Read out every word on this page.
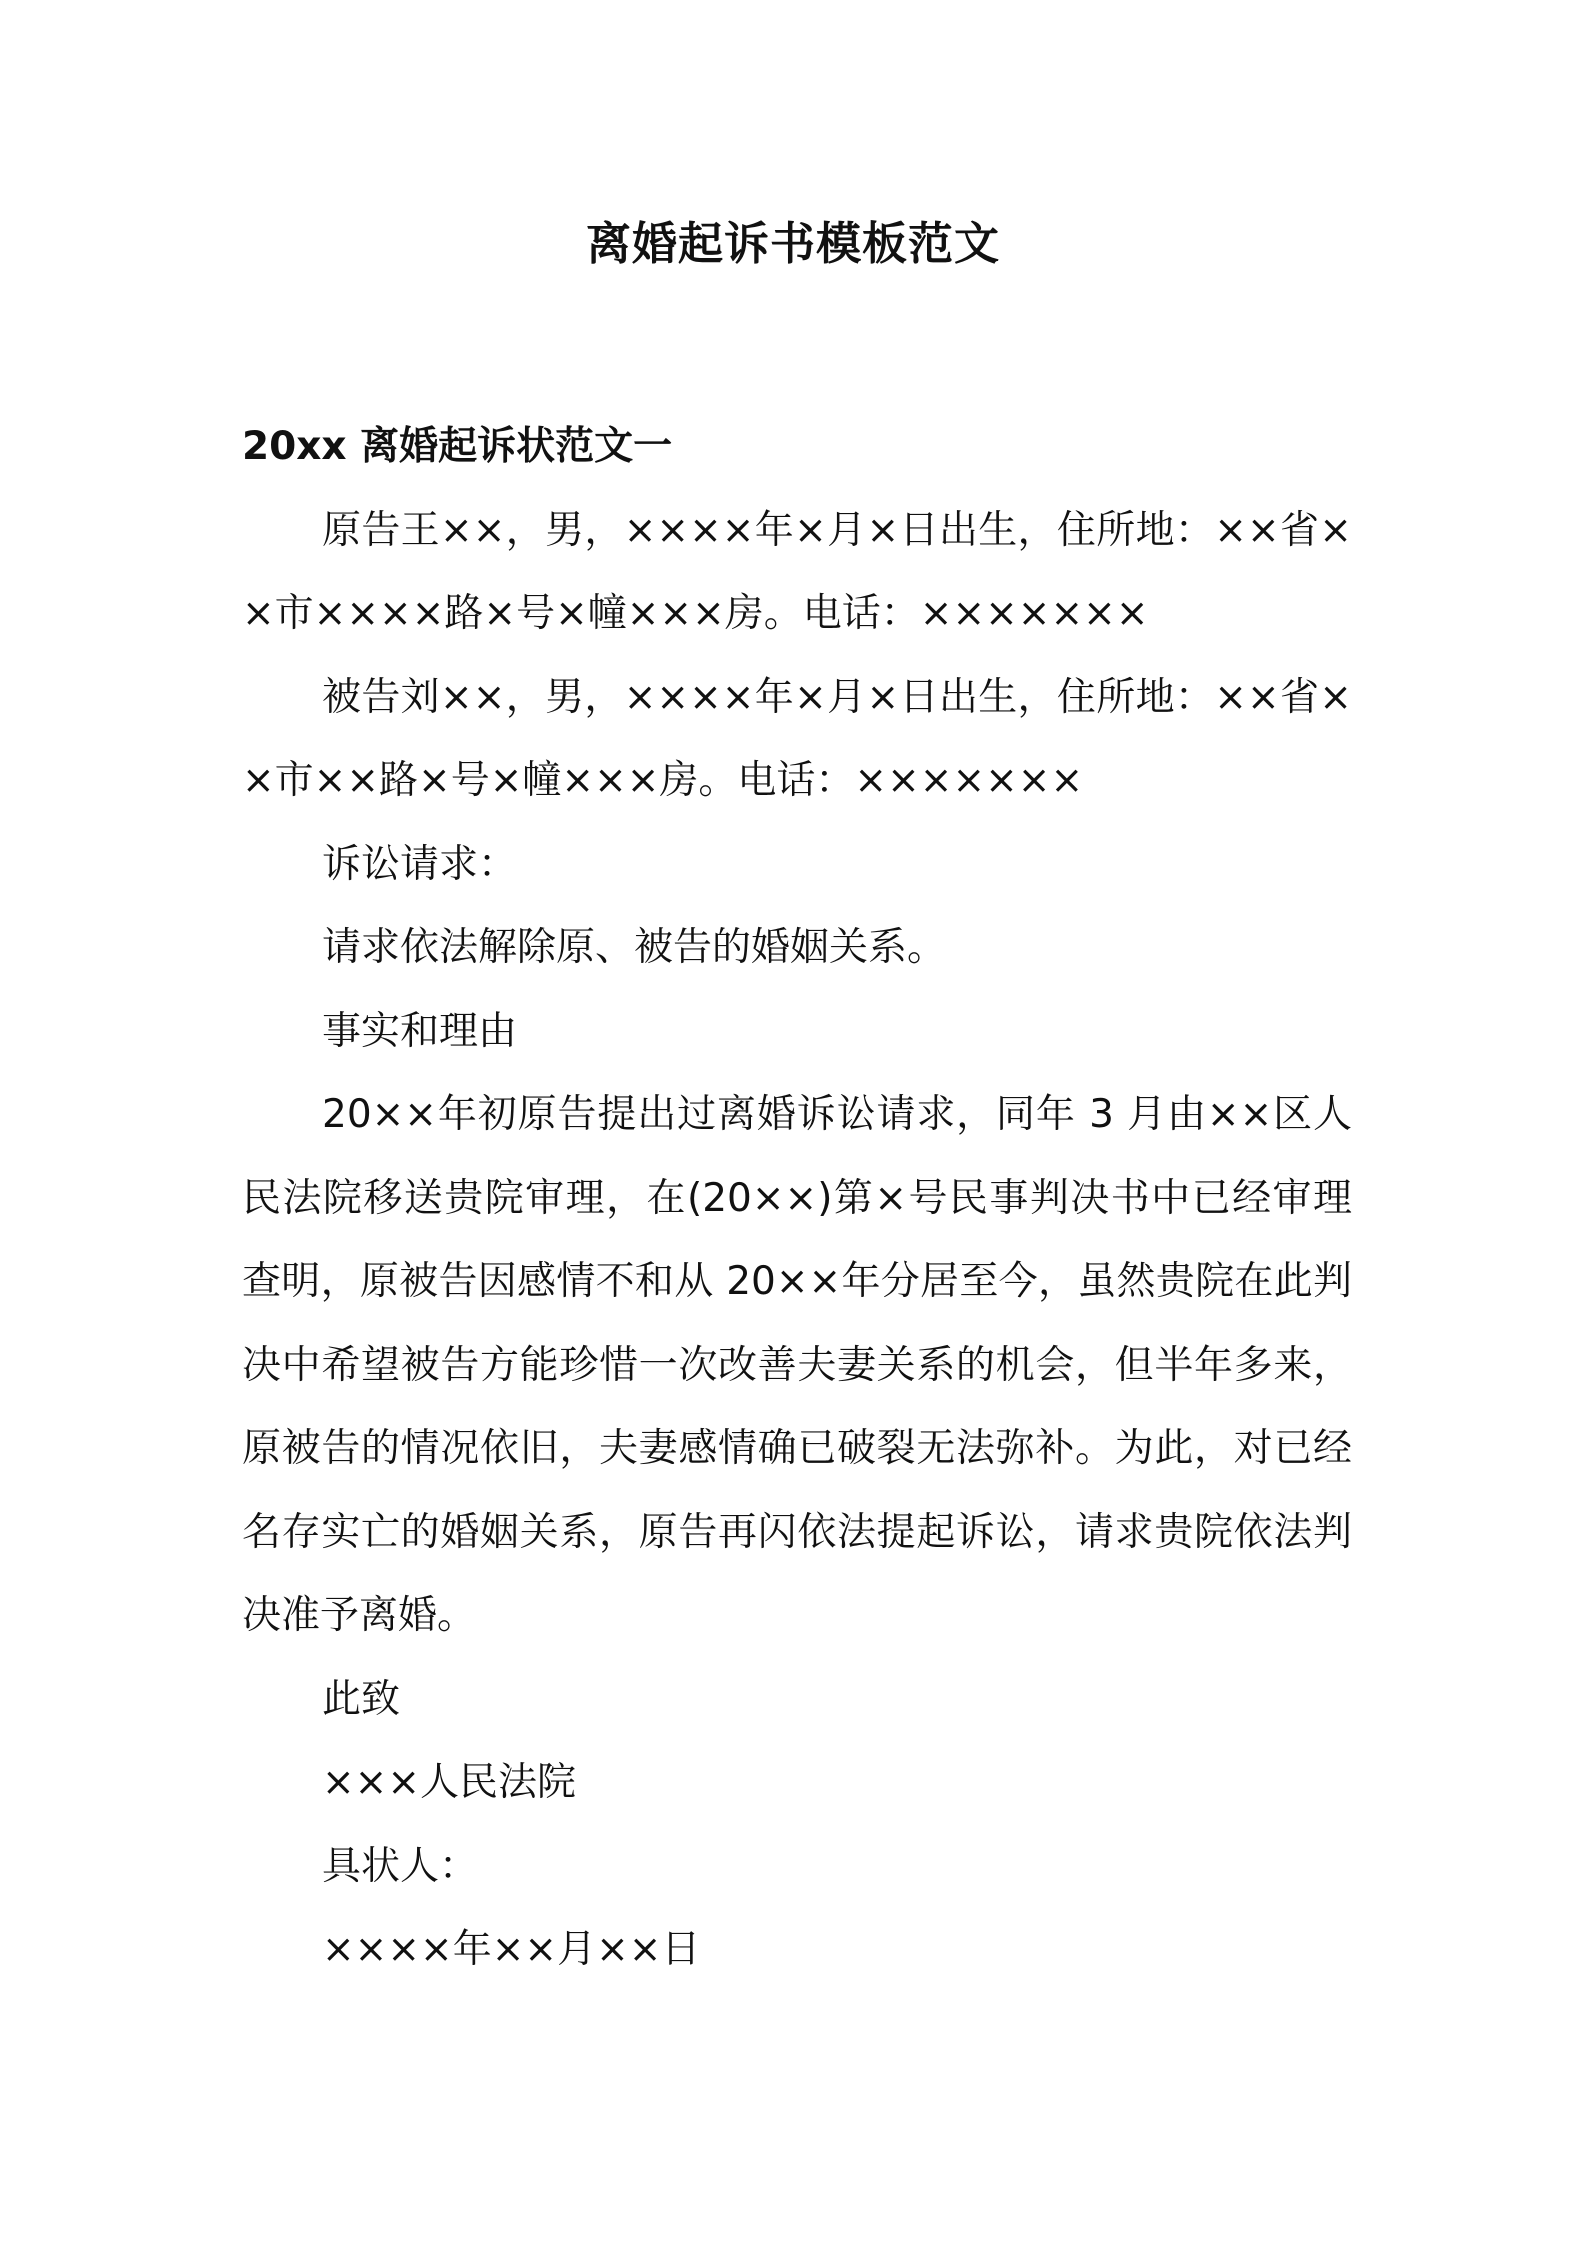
离婚起诉书模板范文

20xx 离婚起诉状范文一

原告王××，男，××××年×月×日出生，住所地：××省××市××××路×号×幢×××房。电话：×××××××

被告刘××，男，××××年×月×日出生，住所地：××省××市××路×号×幢×××房。电话：×××××××

诉讼请求：

请求依法解除原、被告的婚姻关系。

事实和理由

20××年初原告提出过离婚诉讼请求，同年 3 月由××区人民法院移送贵院审理，在(20××)第×号民事判决书中已经审理查明，原被告因感情不和从 20××年分居至今，虽然贵院在此判决中希望被告方能珍惜一次改善夫妻关系的机会，但半年多来，原被告的情况依旧，夫妻感情确已破裂无法弥补。为此，对已经名存实亡的婚姻关系，原告再闪依法提起诉讼，请求贵院依法判决准予离婚。

此致

×××人民法院

具状人：

××××年××月××日
